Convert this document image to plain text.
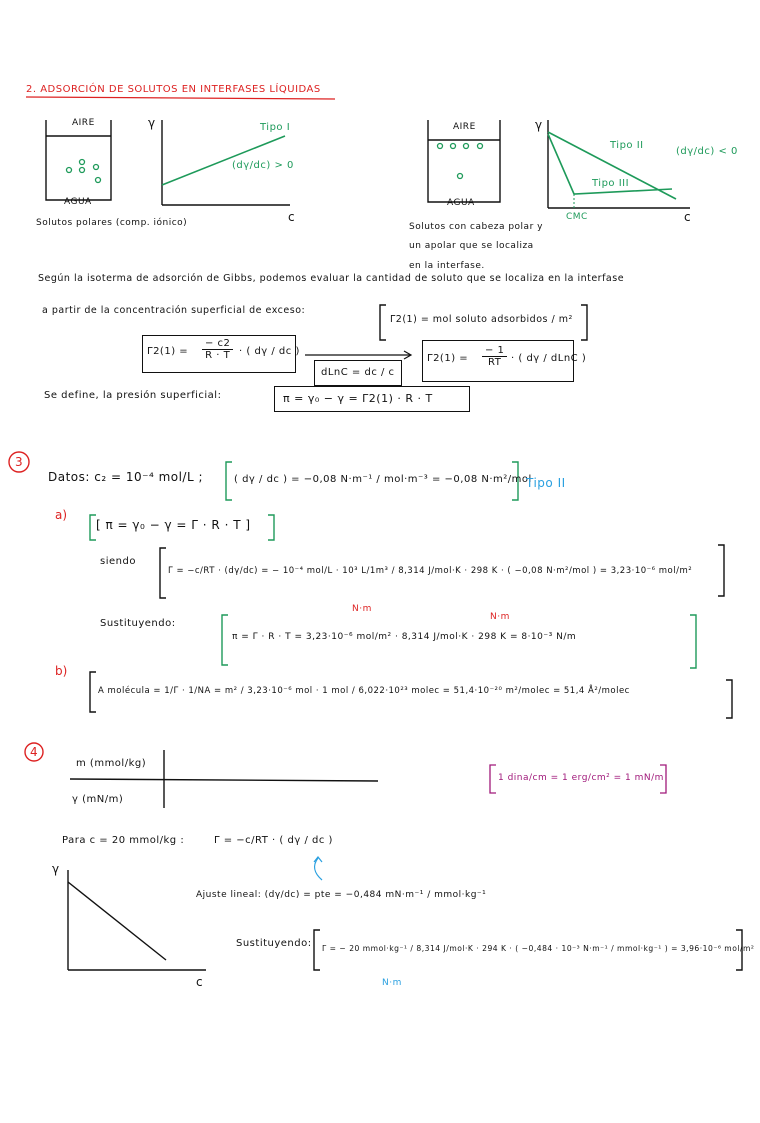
2. ADSORCIÓN DE SOLUTOS EN INTERFASES LÍQUIDAS
AIRE
AGUA
Solutos polares (comp. iónico)
γ
c
Tipo I
(dγ/dc) > 0
AIRE
AGUA
Solutos con cabeza polar y
un apolar que se localiza
en la interfase.
γ
c
Tipo II
Tipo III
(dγ/dc) < 0
CMC
Según la isoterma de adsorción de Gibbs, podemos evaluar la cantidad de soluto que se localiza en la interfase
a partir de la concentración superficial de exceso:
Γ2(1) = mol soluto adsorbidos / m²
$\Gamma 2(1) = \frac{- c2}{R \cdot T}$ · ( dγ / dc )
dLnC = dc / c
$\Gamma 2(1) = \frac{- 1}{RT}$ · ( dγ / dLnC )
Se define, la presión superficial:	π = γ₀ − γ = Γ2(1) · R · T
3
Datos: c₂ = 10⁻⁴ mol/L ;	( dγ / dc ) = −0,08 N·m⁻¹ / mol·m⁻³ = −0,08 N·m²/mol
Tipo II
a)
[ π = γ₀ − γ = Γ · R · T ]
siendo
Γ = −c/RT · (dγ/dc) = − 10⁻⁴ mol/L · 10³ L/1m³ / 8,314 J/mol·K · 298 K · ( −0,08 N·m²/mol ) = 3,23·10⁻⁶ mol/m²
N·m
Sustituyendo:
π = Γ · R · T = 3,23·10⁻⁶ mol/m² · 8,314 J/mol·K · 298 K = 8·10⁻³ N/m
N·m
b)
A molécula = 1/Γ · 1/NA = m² / 3,23·10⁻⁶ mol · 1 mol / 6,022·10²³ molec = 51,4·10⁻²⁰ m²/molec = 51,4 Å²/molec
4
m (mmol/kg)
γ (mN/m)
1 dina/cm = 1 erg/cm² = 1 mN/m
Para c = 20 mmol/kg :	Γ = −c/RT · ( dγ / dc )
γ
c
Ajuste lineal: (dγ/dc) = pte = −0,484 mN·m⁻¹ / mmol·kg⁻¹
Sustituyendo: Γ = − 20 mmol·kg⁻¹ / 8,314 J/mol·K · 294 K · ( −0,484 · 10⁻³ N·m⁻¹ / mmol·kg⁻¹ ) = 3,96·10⁻⁶ mol/m²
N·m
